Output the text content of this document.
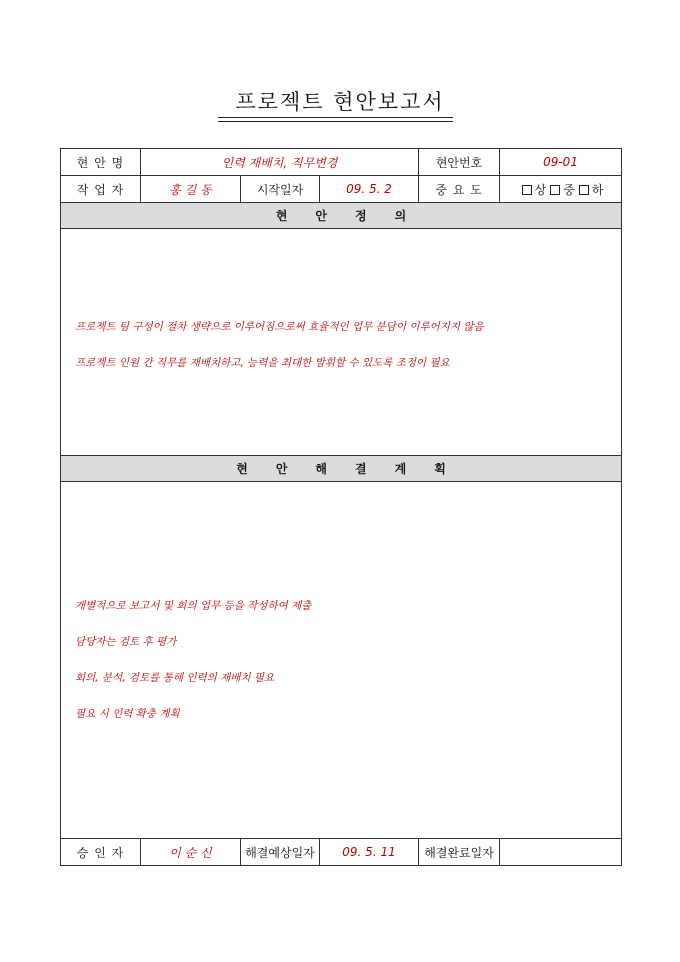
프로젝트 현안보고서
현 안 명	인력 재배치, 직무변경			현안번호	09-01
작 업 자	홍 길 동	시작일자	09. 5. 2	중 요 도	상 중 하
현 안 정 의					

프로젝트 팀 구성이 절차 생략으로 이루어짐으로써 효율적인 업무 분담이 이루어지지 않음
프로젝트 인원 간 직무를 재배치하고, 능력을 최대한 발휘할 수 있도록 조정이 필요					

현 안 해 결 계 획					

개별적으로 보고서 및 회의 업무 등을 작성하여 제출
담당자는 검토 후 평가
회의, 분석, 검토를 통해 인력의 재배치 필요
필요 시 인력 확충 계획					

승 인 자	이 순 신	해결예상일자	09. 5. 11	해결완료일자	
